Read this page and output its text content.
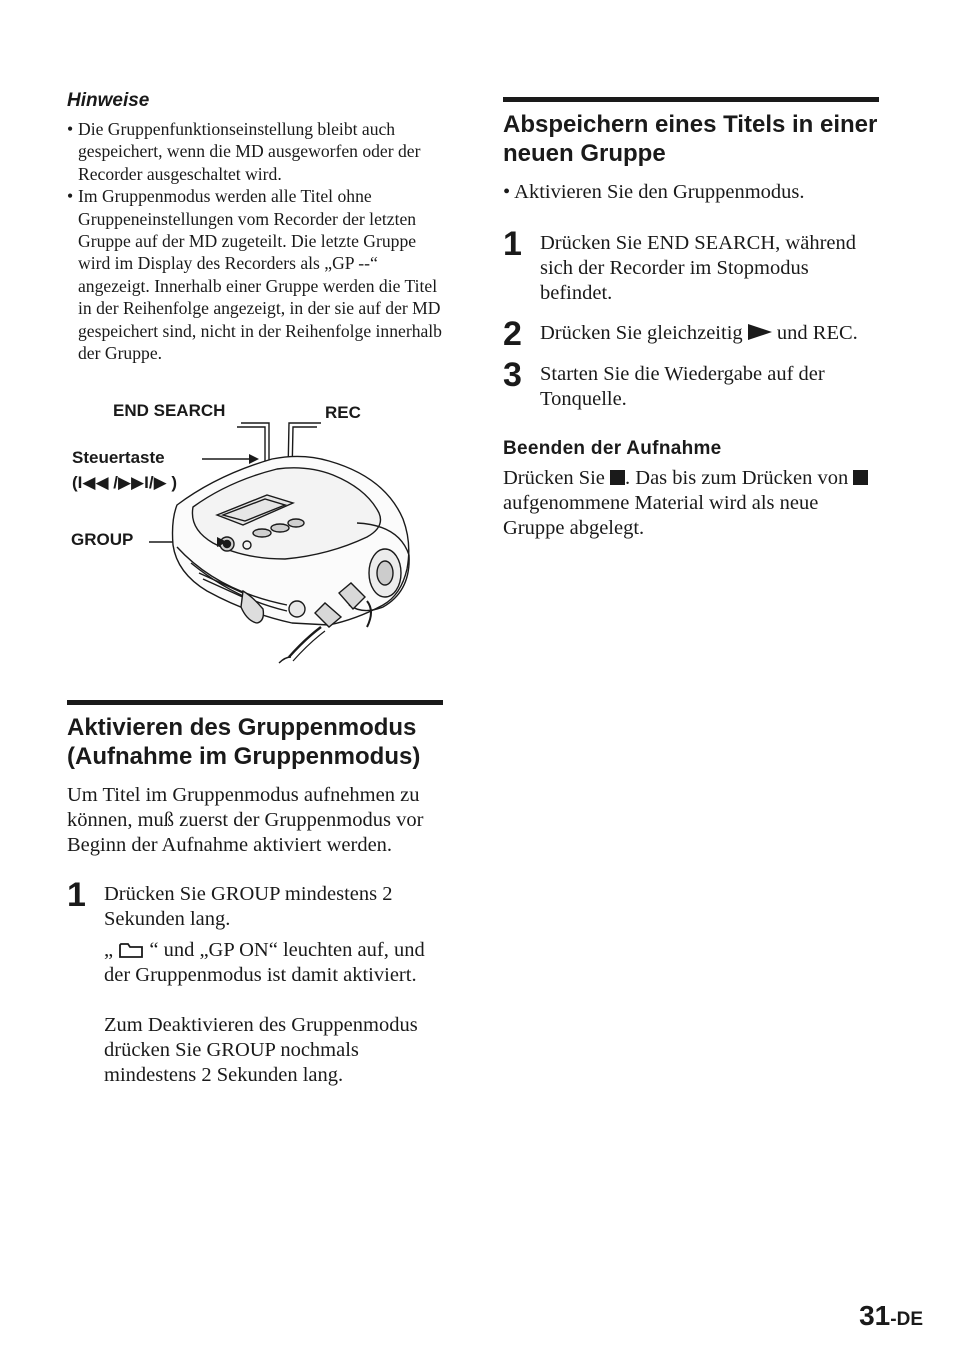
Hinweise

• Die Gruppenfunktionseinstellung bleibt auch gespeichert, wenn die MD ausgeworfen oder der Recorder ausgeschaltet wird.
• Im Gruppenmodus werden alle Titel ohne Gruppeneinstellungen vom Recorder der letzten Gruppe auf der MD zugeteilt. Die letzte Gruppe wird im Display des Recorders als „GP --“ angezeigt. Innerhalb einer Gruppe werden die Titel in der Reihenfolge angezeigt, in der sie auf der MD gespeichert sind, nicht in der Reihenfolge innerhalb der Gruppe.
END SEARCH	REC
Steuertaste
(I◀◀ /▶▶I/▶ )
GROUP
Aktivieren des Gruppenmodus (Aufnahme im Gruppenmodus)

Um Titel im Gruppenmodus aufnehmen zu können, muß zuerst der Gruppenmodus vor Beginn der Aufnahme aktiviert werden.

1 Drücken Sie GROUP mindestens 2 Sekunden lang.

„ “ und „GP ON“ leuchten auf, und der Gruppenmodus ist damit aktiviert.

Zum Deaktivieren des Gruppenmodus drücken Sie GROUP nochmals mindestens 2 Sekunden lang.

Abspeichern eines Titels in einer neuen Gruppe

• Aktivieren Sie den Gruppenmodus.

1 Drücken Sie END SEARCH, während sich der Recorder im Stopmodus befindet.

2 Drücken Sie gleichzeitig und REC.

3 Starten Sie die Wiedergabe auf der Tonquelle.

Beenden der Aufnahme

Drücken Sie . Das bis zum Drücken von  aufgenommene Material wird als neue Gruppe abgelegt.

31-DE
